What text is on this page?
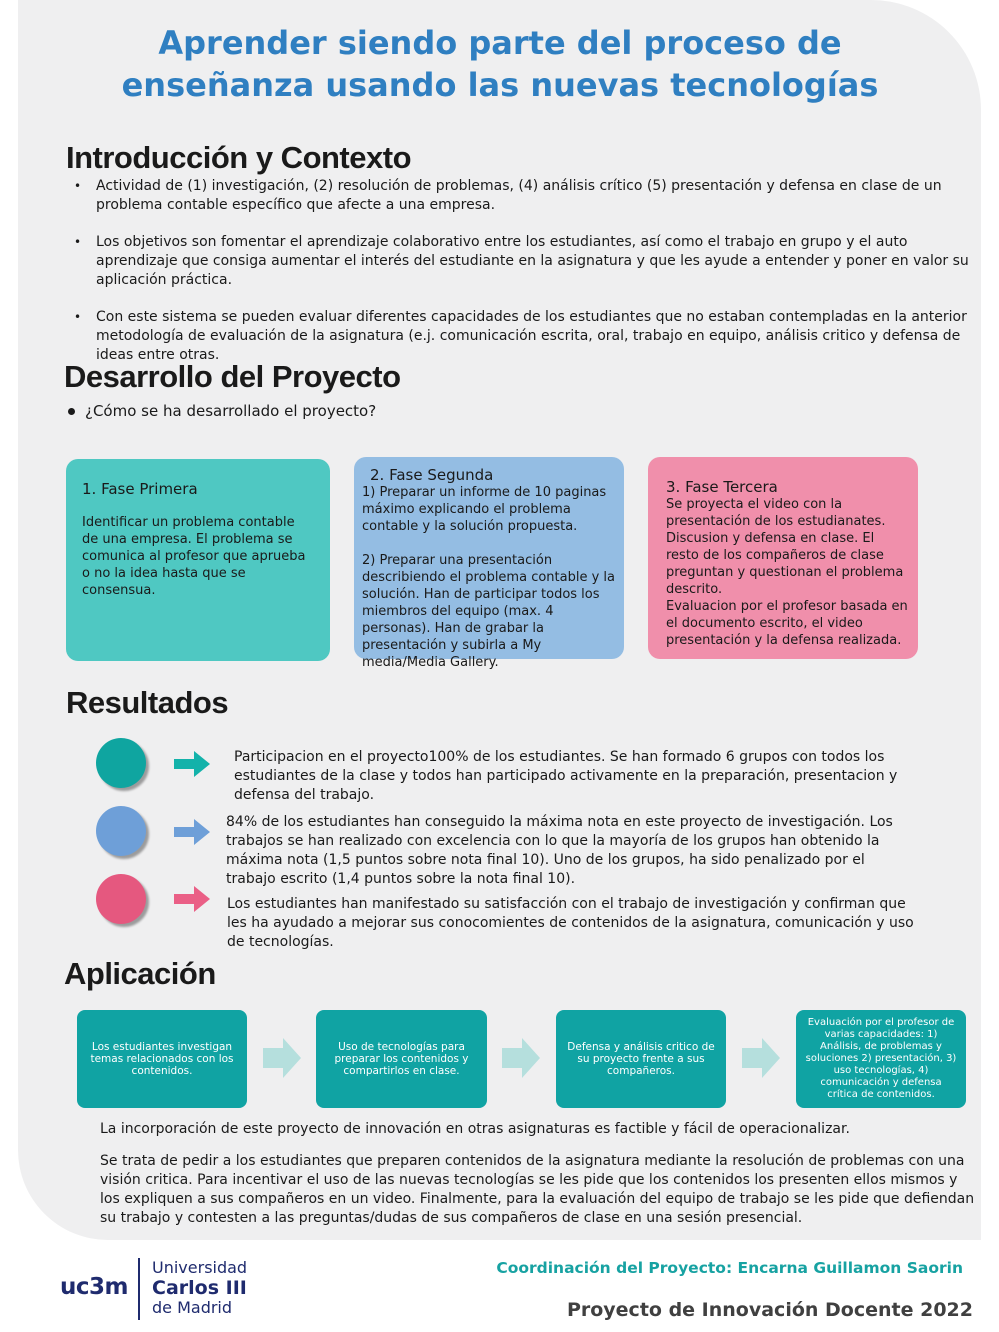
Aprender siendo parte del proceso de
enseñanza usando las nuevas tecnologías
Introducción y Contexto
• Actividad de (1) investigación, (2) resolución de problemas, (4) análisis crítico (5) presentación y defensa en clase de un problema contable específico que afecte a una empresa.
• Los objetivos son fomentar el aprendizaje colaborativo entre los estudiantes, así como el trabajo en grupo y el auto aprendizaje que consiga aumentar el interés del estudiante en la asignatura y que les ayude a entender y poner en valor su aplicación práctica.
• Con este sistema se pueden evaluar diferentes capacidades de los estudiantes que no estaban contempladas en la anterior metodología de evaluación de la asignatura (e.j. comunicación escrita, oral, trabajo en equipo, análisis critico y defensa de ideas entre otras.
Desarrollo del Proyecto
¿Cómo se ha desarrollado el proyecto?
1. Fase Primera
Identificar un problema contable de una empresa. El problema se comunica al profesor que aprueba o no la idea hasta que se consensua.
2. Fase Segunda
1) Preparar un informe de 10 paginas máximo explicando el problema contable y la solución propuesta.

2) Preparar una presentación describiendo el problema contable y la solución. Han de participar todos los miembros del equipo (max. 4 personas). Han de grabar la presentación y subirla a My media/Media Gallery.
3. Fase Tercera
Se proyecta el video con la presentación de los estudianates. Discusion y defensa en clase. El resto de los compañeros de clase preguntan y questionan el problema descrito.
Evaluacion por el profesor basada en el documento escrito, el video presentación y la defensa realizada.
Resultados
Participacion en el proyecto100% de los estudiantes. Se han formado 6 grupos con todos los estudiantes de la clase y todos han participado activamente en la preparación, presentacion y defensa del trabajo.
84% de los estudiantes han conseguido la máxima nota en este proyecto de investigación. Los trabajos se han realizado con excelencia con lo que la mayoría de los grupos han obtenido la máxima nota (1,5 puntos sobre nota final 10). Uno de los grupos, ha sido penalizado por el trabajo escrito (1,4 puntos sobre la nota final 10).
Los estudiantes han manifestado su satisfacción con el trabajo de investigación y confirman que les ha ayudado a mejorar sus conocomientes de contenidos de la asignatura, comunicación y uso de tecnologías.
Aplicación
Los estudiantes investigan temas relacionados con los contenidos.
Uso de tecnologías para preparar los contenidos y compartirlos en clase.
Defensa y análisis critico de su proyecto frente a sus compañeros.
Evaluación por el profesor de varias capacidades: 1) Análisis, de problemas y soluciones 2) presentación, 3) uso tecnologías, 4) comunicación y defensa crítica de contenidos.
La incorporación de este proyecto de innovación en otras asignaturas es factible y fácil de operacionalizar.
Se trata de pedir a los estudiantes que preparen contenidos de la asignatura mediante la resolución de problemas con una visión critica. Para incentivar el uso de las nuevas tecnologías se les pide que los contenidos los presenten ellos mismos y los expliquen a sus compañeros en un video. Finalmente, para la evaluación del equipo de trabajo se les pide que defiendan su trabajo y contesten a las preguntas/dudas de sus compañeros de clase en una sesión presencial.
uc3m
Universidad
Carlos III
de Madrid
Coordinación del Proyecto: Encarna Guillamon Saorin
Proyecto de Innovación Docente 2022
